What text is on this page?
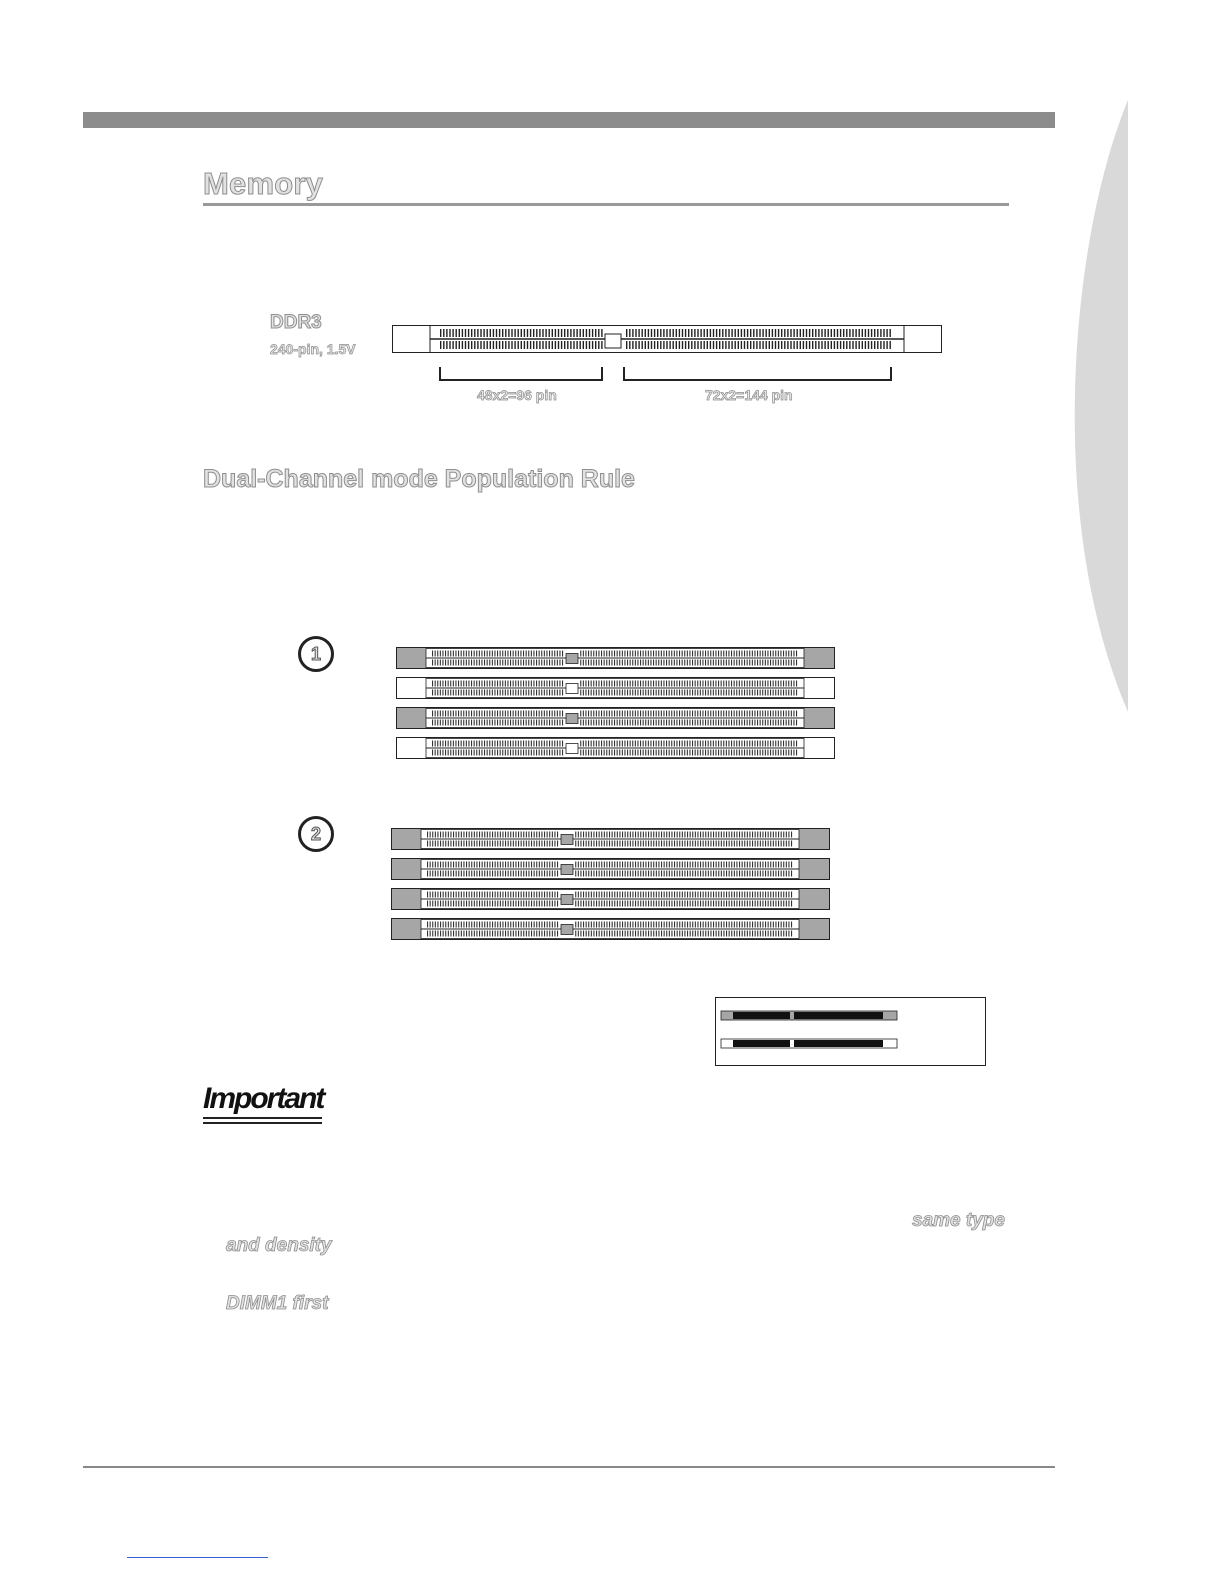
Memory
DDR3
240-pin, 1.5V
48x2=96 pin	72x2=144 pin
Dual-Channel mode Population Rule
1
2
Important
same type
and density
DIMM1 first
